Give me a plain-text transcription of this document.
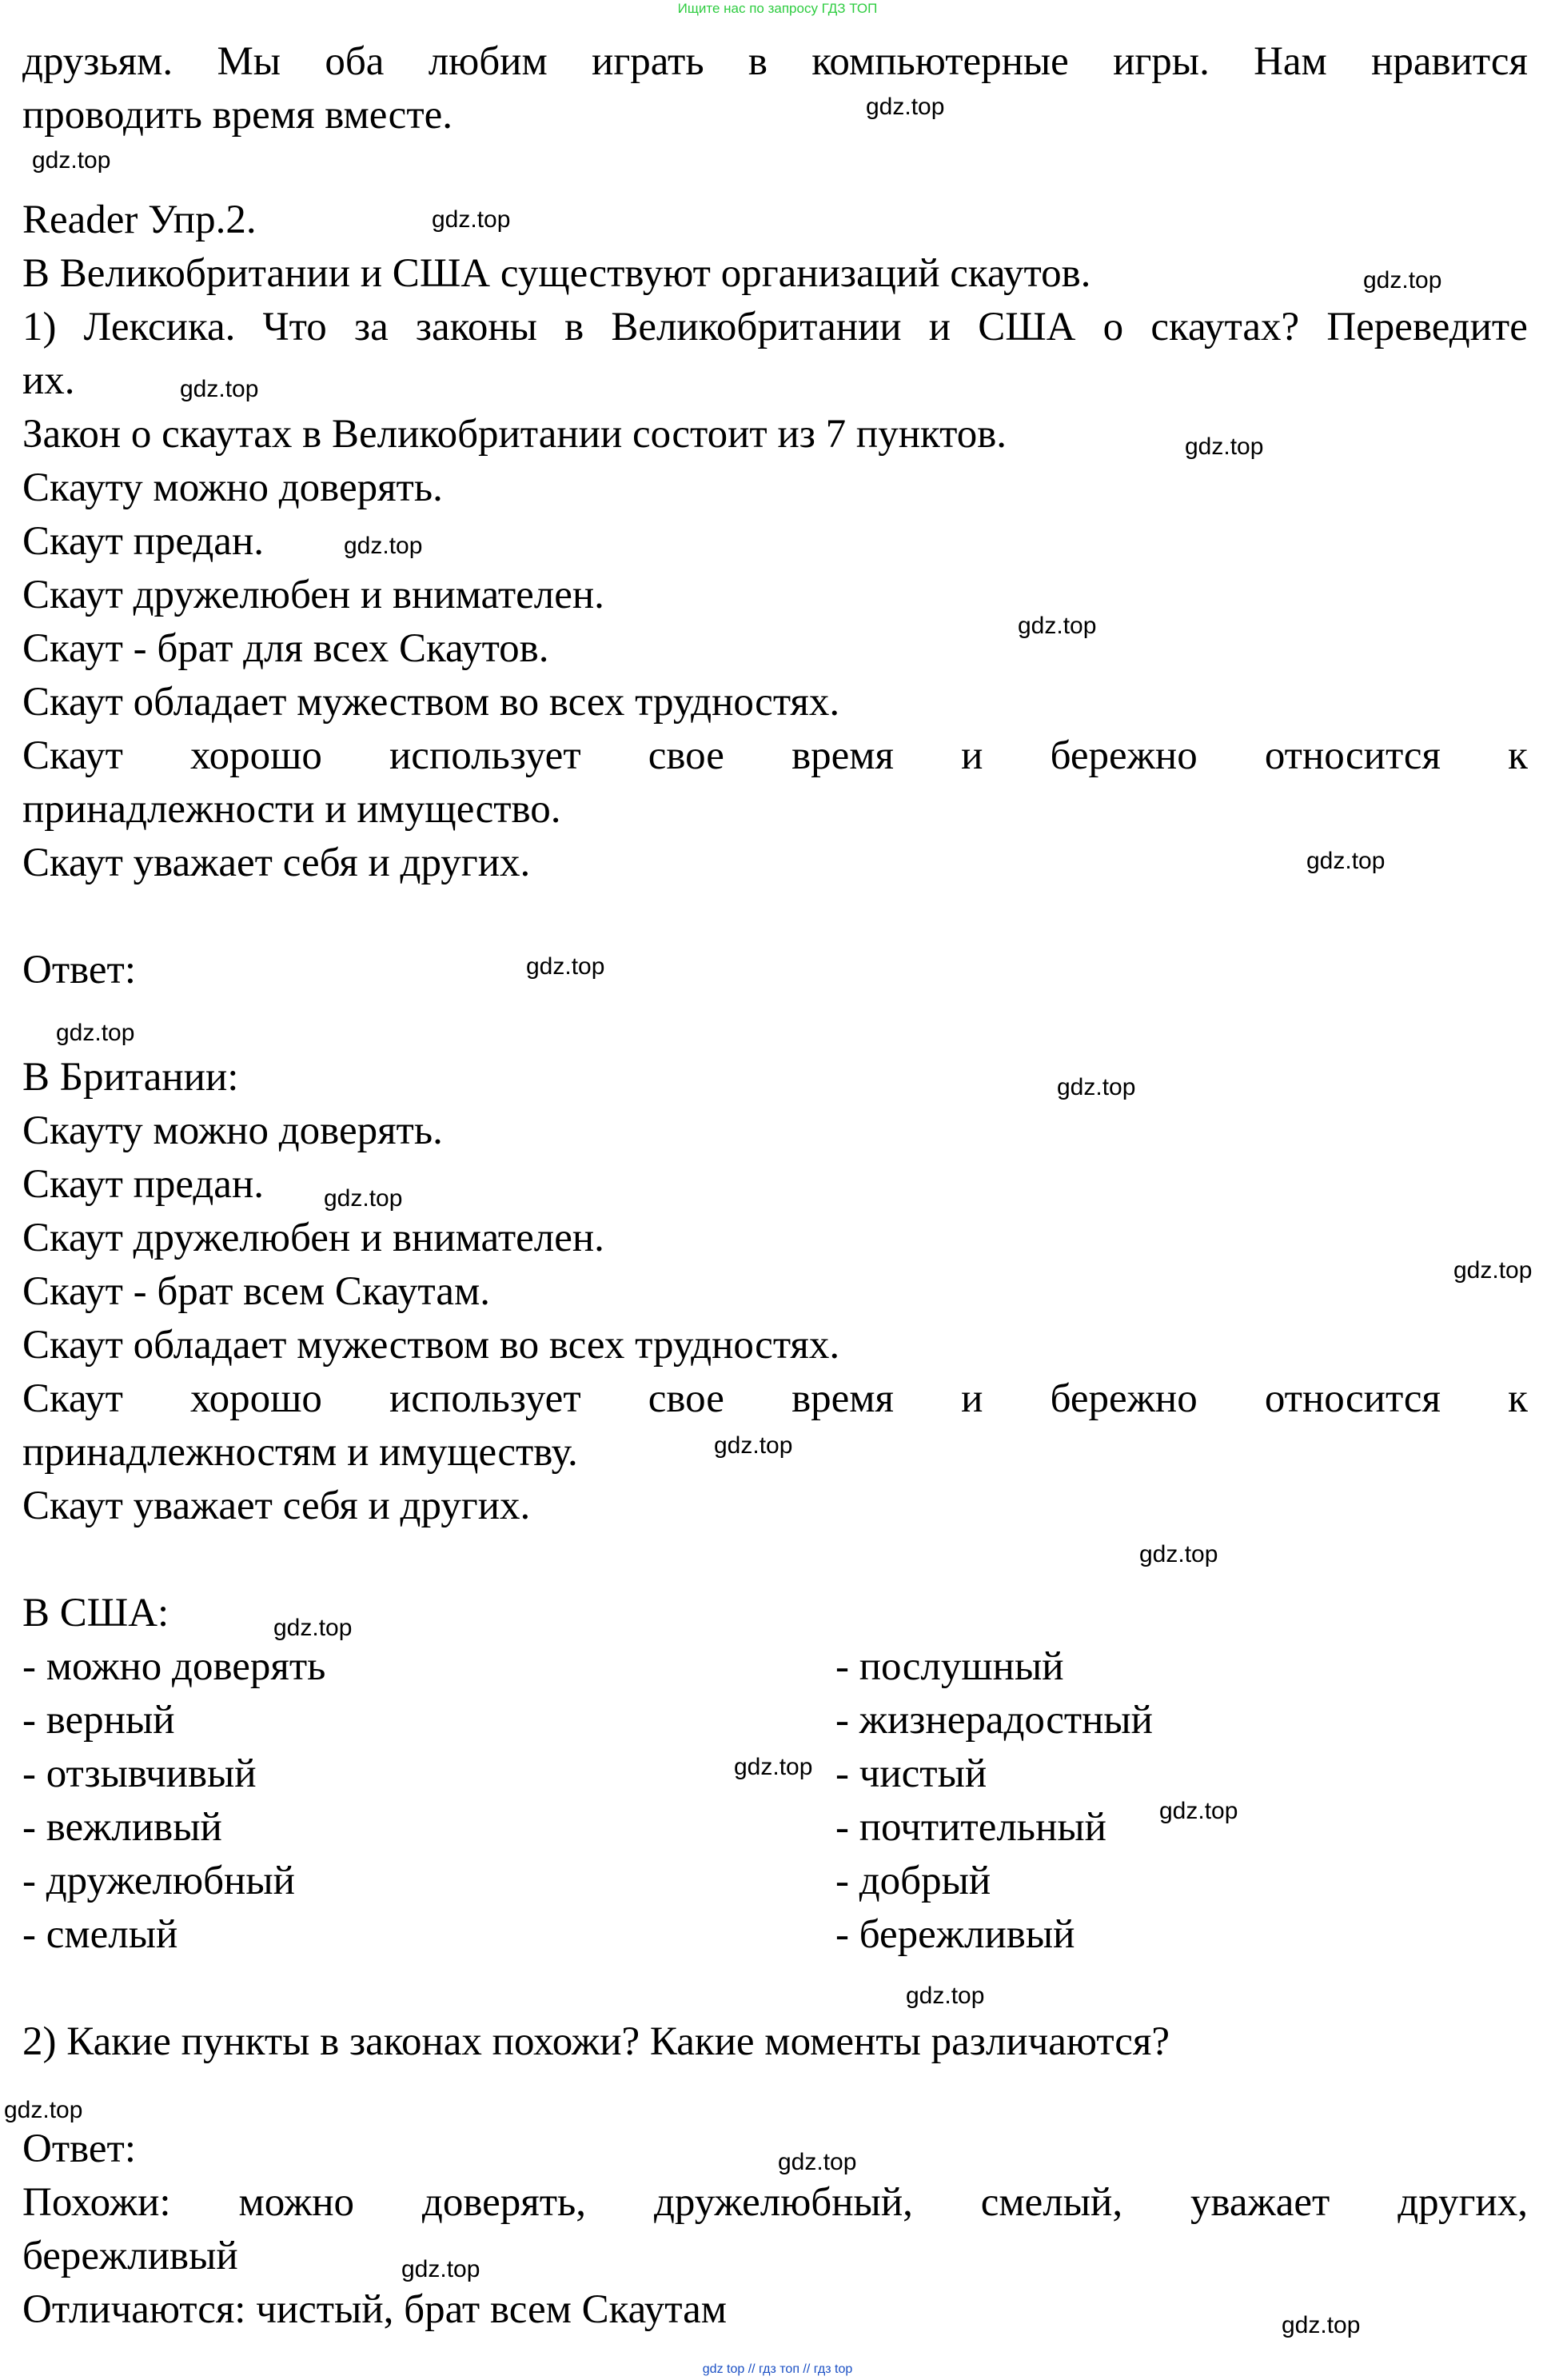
Ищите нас по запросу ГДЗ ТОП
друзьям. Мы оба любим играть в компьютерные игры. Нам нравится
проводить время вместе.
Reader Упр.2.
В Великобритании и США существуют организаций скаутов.
1) Лексика. Что за законы в Великобритании и США о скаутах? Переведите
их.
Закон о скаутах в Великобритании состоит из 7 пунктов.
Скауту можно доверять.
Скаут предан.
Скаут дружелюбен и внимателен.
Скаут - брат для всех Скаутов.
Скаут обладает мужеством во всех трудностях.
Скаут хорошо использует свое время и бережно относится к
принадлежности и имущество.
Скаут уважает себя и других.
Ответ:
В Британии:
Скауту можно доверять.
Скаут предан.
Скаут дружелюбен и внимателен.
Скаут - брат всем Скаутам.
Скаут обладает мужеством во всех трудностях.
Скаут хорошо использует свое время и бережно относится к
принадлежностям и имуществу.
Скаут уважает себя и других.
В США:
- можно доверять
- верный
- отзывчивый
- вежливый
- дружелюбный
- смелый
- послушный
- жизнерадостный
- чистый
- почтительный
- добрый
- бережливый
2) Какие пункты в законах похожи? Какие моменты различаются?
Ответ:
Похожи: можно доверять, дружелюбный, смелый, уважает других,
бережливый
Отличаются: чистый, брат всем Скаутам
gdz.top
gdz.top
gdz.top
gdz.top
gdz.top
gdz.top
gdz.top
gdz.top
gdz.top
gdz.top
gdz.top
gdz.top
gdz.top
gdz.top
gdz.top
gdz.top
gdz.top
gdz.top
gdz.top
gdz.top
gdz.top
gdz.top
gdz.top
gdz.top
gdz top // гдз топ // гдз top
